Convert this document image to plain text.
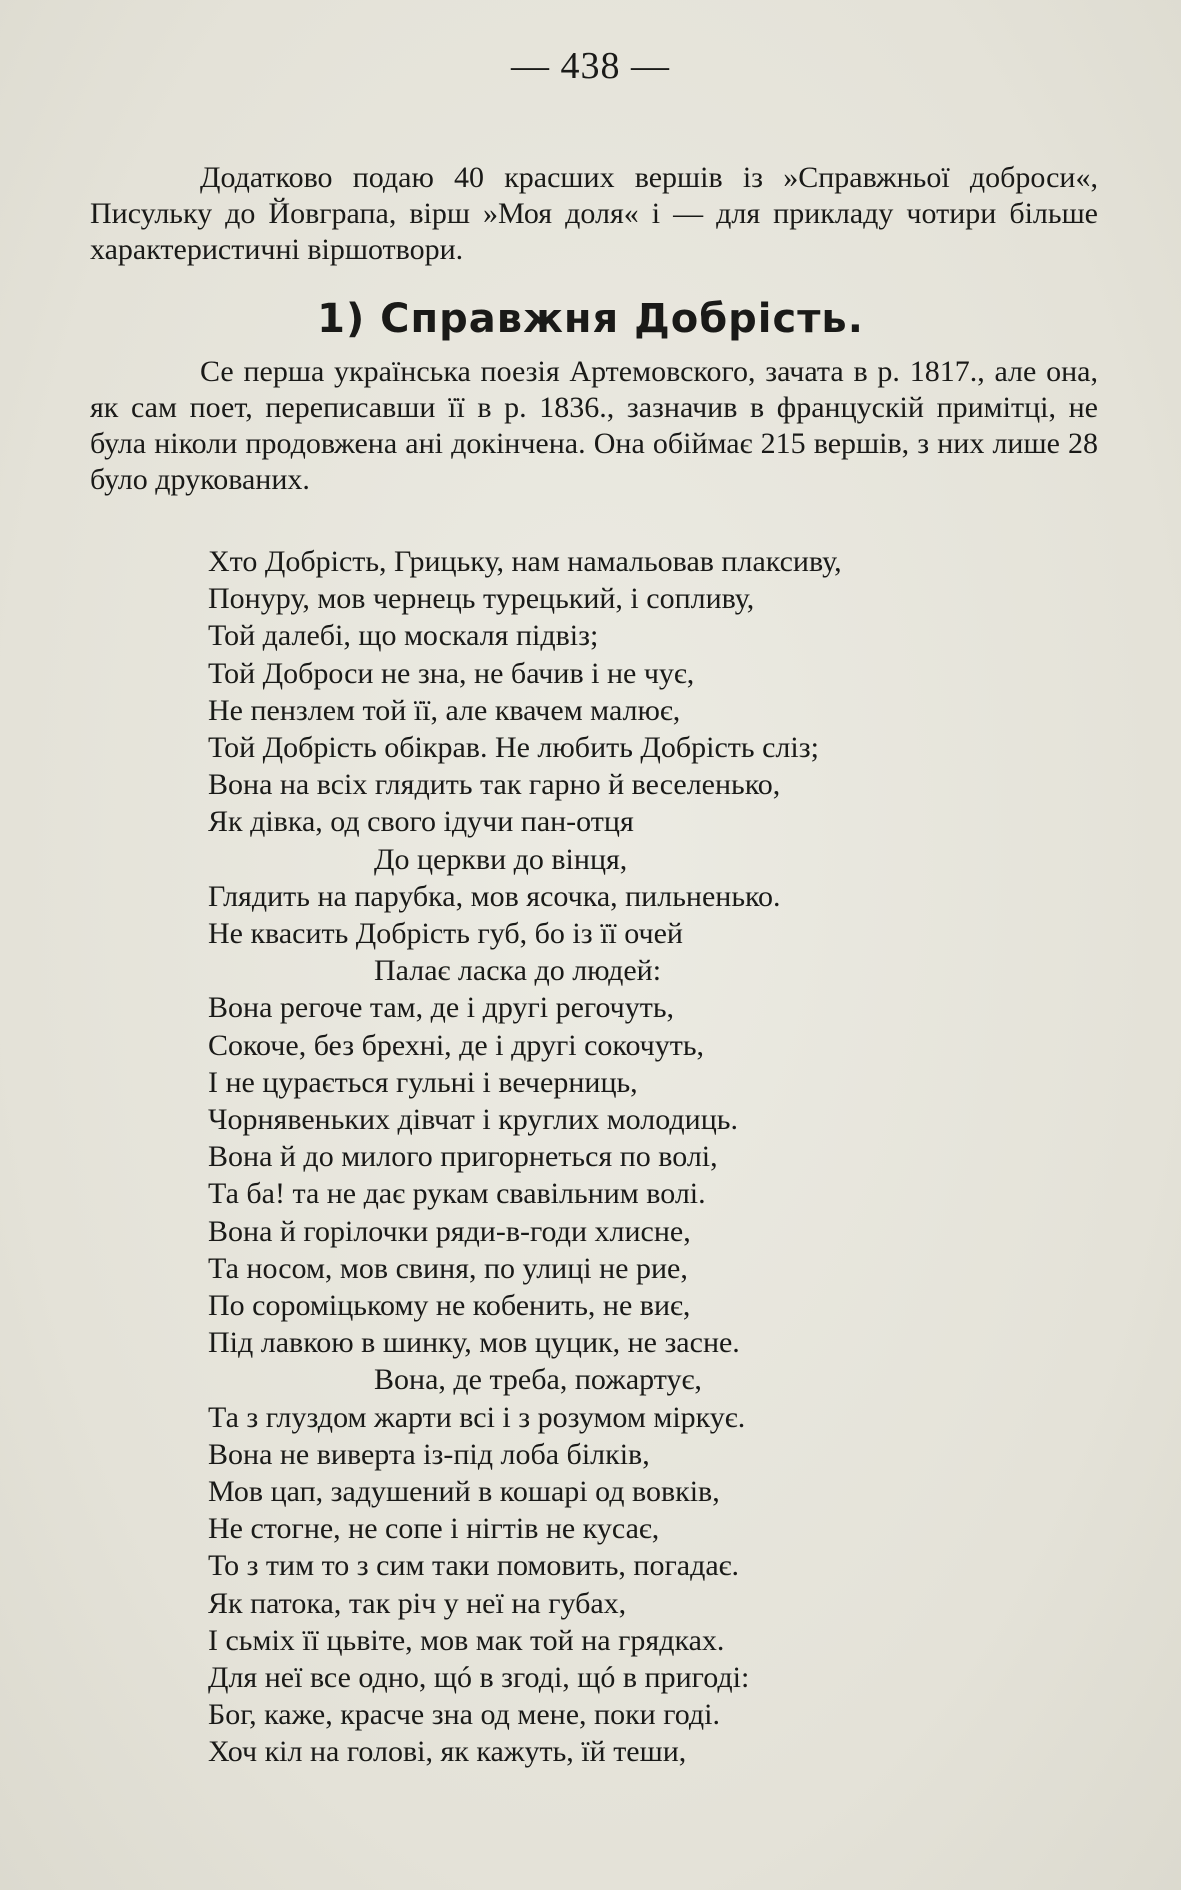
— 438 —
Додатково подаю 40 красших вершів із »Справжньої доброси«, Писульку до Йовграпа, вірш »Моя доля« і — для прикладу чотири більше характеристичні віршотвори.
1) Справжня Добрість.
Се перша українська поезія Артемовского, зачата в р. 1817., але она, як сам поет, переписавши її в р. 1836., зазначив в францускій примітці, не була ніколи продовжена ані докінчена. Она обіймає 215 вершів, з них лише 28 було друкованих.
Хто Добрість, Грицьку, нам намальовав плаксиву,
Понуру, мов чернець турецький, і сопливу,
Той далебі, що москаля підвіз;
Той Доброси не зна, не бачив і не чує,
Не пензлем той її, але квачем малює,
Той Добрість обікрав. Не любить Добрість сліз;
Вона на всіх глядить так гарно й веселенько,
Як дівка, од свого ідучи пан-отця
До церкви до вінця,
Глядить на парубка, мов ясочка, пильненько.
Не квасить Добрість губ, бо із її очей
Палає ласка до людей:
Вона регоче там, де і другі регочуть,
Сокоче, без брехні, де і другі сокочуть,
І не цурається гульні і вечерниць,
Чорнявеньких дівчат і круглих молодиць.
Вона й до милого пригорнеться по волі,
Та ба! та не дає рукам свавільним волі.
Вона й горілочки ряди-в-годи хлисне,
Та носом, мов свиня, по улиці не рие,
По сороміцькому не кобенить, не виє,
Під лавкою в шинку, мов цуцик, не засне.
Вона, де треба, пожартує,
Та з глуздом жарти всі і з розумом міркує.
Вона не виверта із-під лоба білків,
Мов цап, задушений в кошарі од вовків,
Не стогне, не сопе і нігтів не кусає,
То з тим то з сим таки помовить, погадає.
Як патока, так річ у неї на губах,
І сьміх її цьвіте, мов мак той на грядках.
Для неї все одно, щó в згоді, щó в пригоді:
Бог, каже, красче зна од мене, поки годі.
Хоч кіл на голові, як кажуть, їй теши,
